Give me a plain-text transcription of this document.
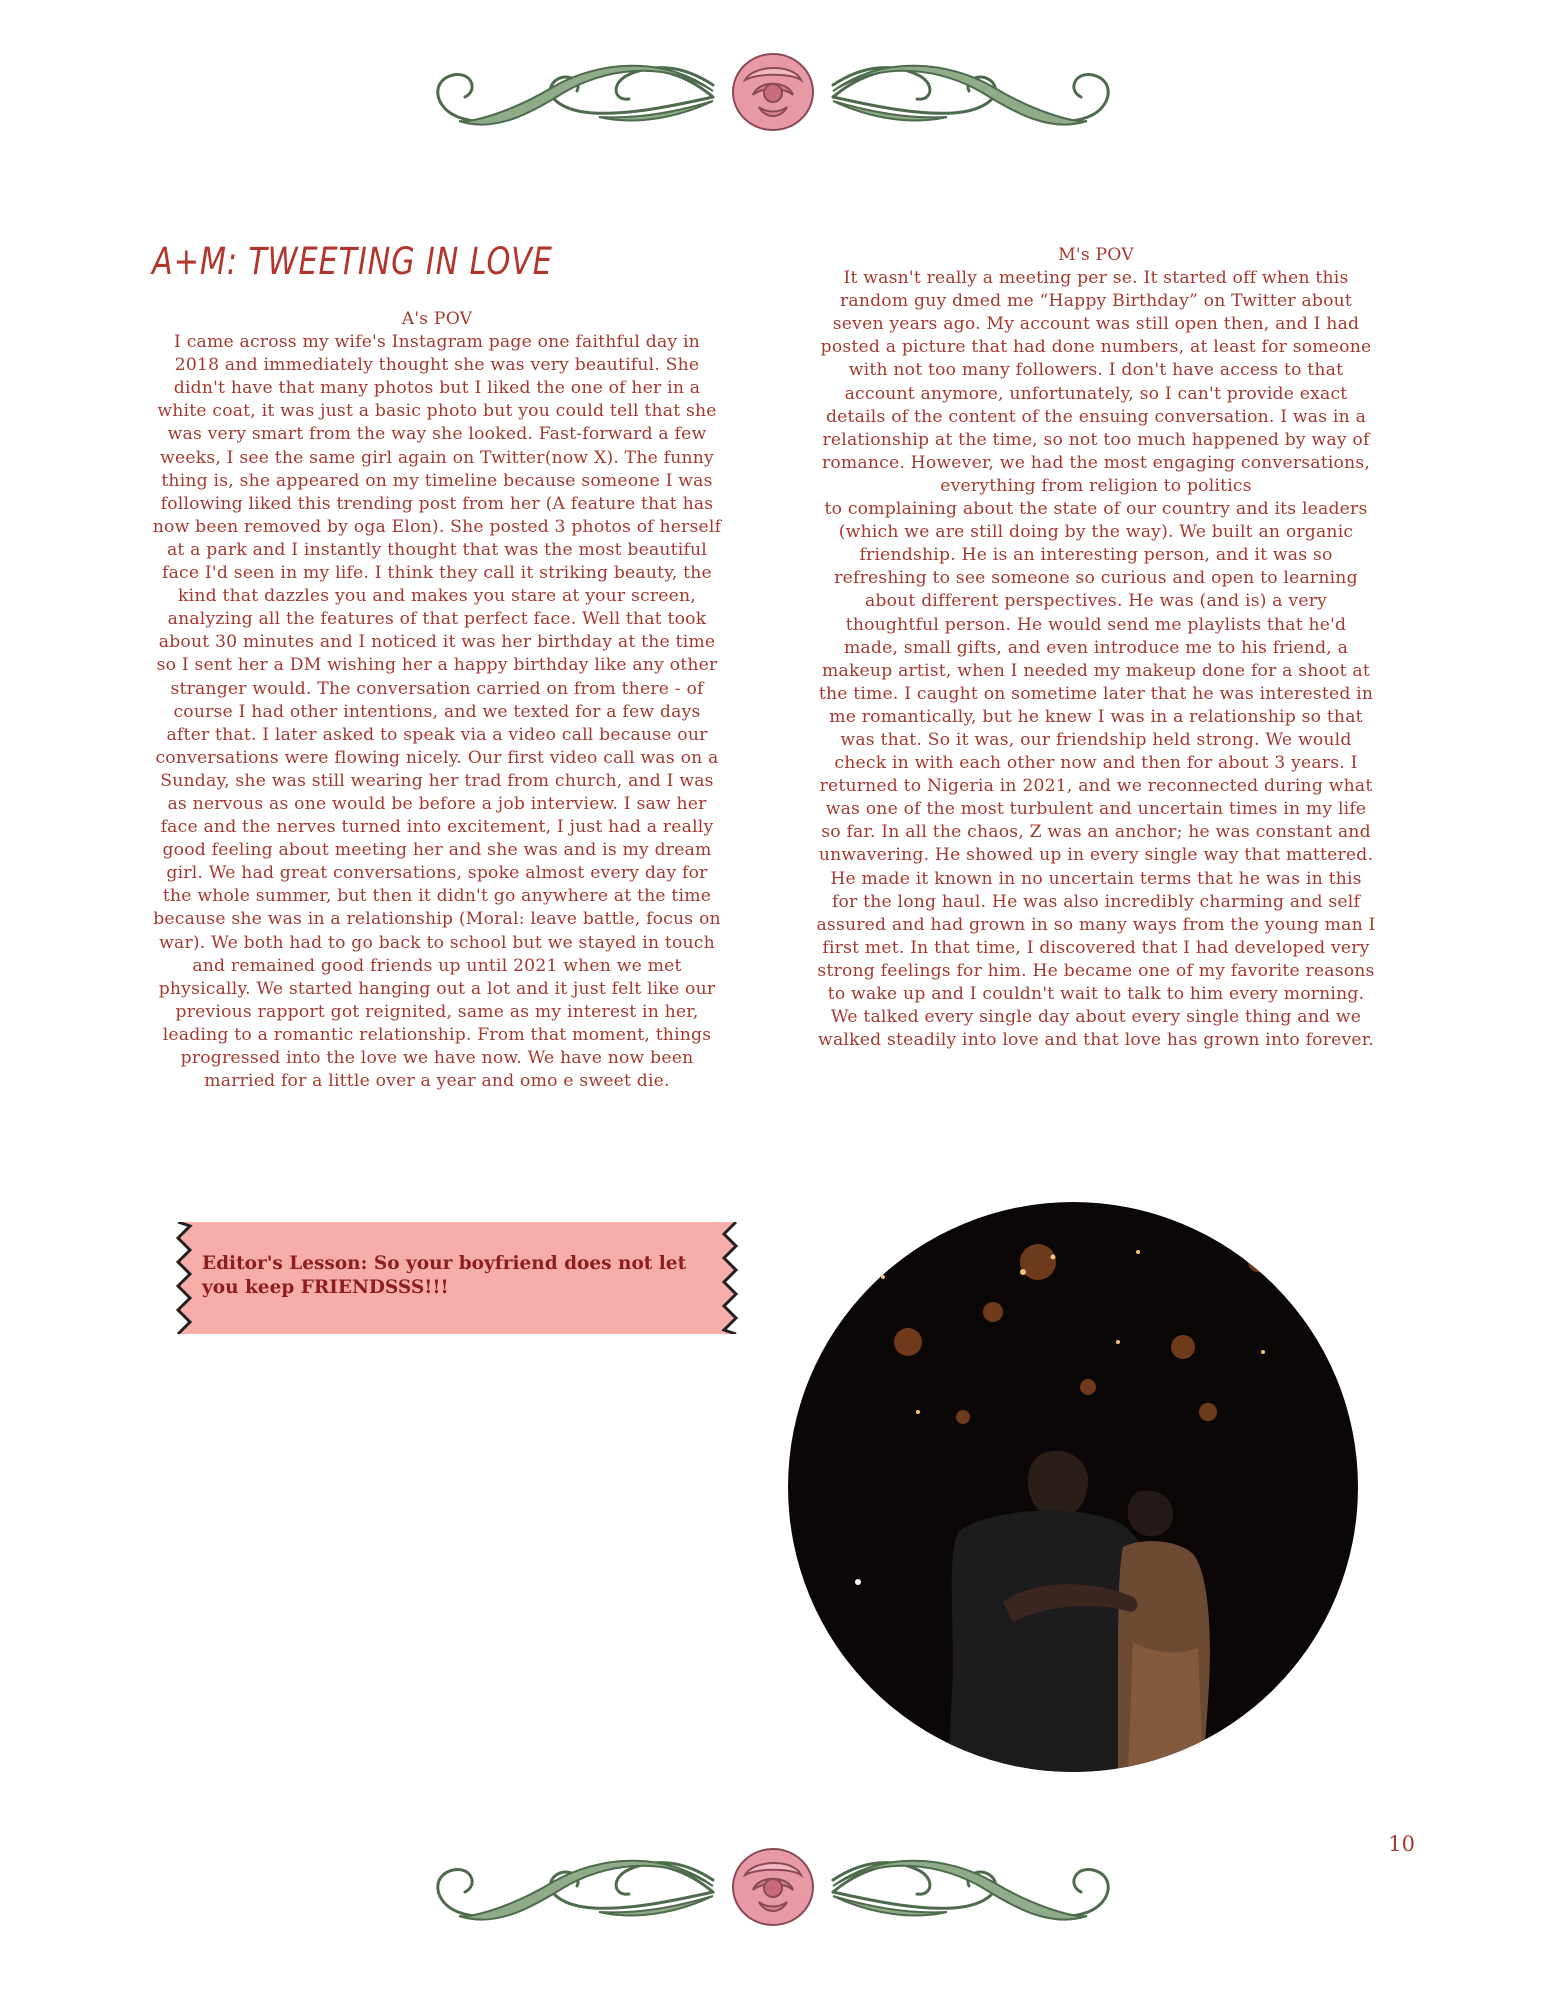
A+M: TWEETING IN LOVE

A's POV

I came across my wife's Instagram page one faithful day in 2018 and immediately thought she was very beautiful. She didn't have that many photos but I liked the one of her in a white coat, it was just a basic photo but you could tell that she was very smart from the way she looked. Fast-forward a few weeks, I see the same girl again on Twitter(now X). The funny thing is, she appeared on my timeline because someone I was following liked this trending post from her (A feature that has now been removed by oga Elon). She posted 3 photos of herself at a park and I instantly thought that was the most beautiful face I'd seen in my life. I think they call it striking beauty, the kind that dazzles you and makes you stare at your screen, analyzing all the features of that perfect face. Well that took about 30 minutes and I noticed it was her birthday at the time so I sent her a DM wishing her a happy birthday like any other stranger would. The conversation carried on from there - of course I had other intentions, and we texted for a few days after that. I later asked to speak via a video call because our conversations were flowing nicely. Our first video call was on a Sunday, she was still wearing her trad from church, and I was as nervous as one would be before a job interview. I saw her face and the nerves turned into excitement, I just had a really good feeling about meeting her and she was and is my dream girl. We had great conversations, spoke almost every day for the whole summer, but then it didn't go anywhere at the time because she was in a relationship (Moral: leave battle, focus on war). We both had to go back to school but we stayed in touch and remained good friends up until 2021 when we met physically. We started hanging out a lot and it just felt like our previous rapport got reignited, same as my interest in her, leading to a romantic relationship. From that moment, things progressed into the love we have now. We have now been married for a little over a year and omo e sweet die.

M's POV

It wasn't really a meeting per se. It started off when this random guy dmed me “Happy Birthday” on Twitter about seven years ago. My account was still open then, and I had posted a picture that had done numbers, at least for someone with not too many followers. I don't have access to that account anymore, unfortunately, so I can't provide exact details of the content of the ensuing conversation. I was in a relationship at the time, so not too much happened by way of romance. However, we had the most engaging conversations, everything from religion to politics
to complaining about the state of our country and its leaders (which we are still doing by the way). We built an organic friendship. He is an interesting person, and it was so refreshing to see someone so curious and open to learning about different perspectives. He was (and is) a very thoughtful person. He would send me playlists that he'd made, small gifts, and even introduce me to his friend, a makeup artist, when I needed my makeup done for a shoot at the time. I caught on sometime later that he was interested in me romantically, but he knew I was in a relationship so that was that. So it was, our friendship held strong. We would check in with each other now and then for about 3 years. I returned to Nigeria in 2021, and we reconnected during what was one of the most turbulent and uncertain times in my life so far. In all the chaos, Z was an anchor; he was constant and unwavering. He showed up in every single way that mattered. He made it known in no uncertain terms that he was in this for the long haul. He was also incredibly charming and self assured and had grown in so many ways from the young man I first met. In that time, I discovered that I had developed very strong feelings for him. He became one of my favorite reasons to wake up and I couldn't wait to talk to him every morning. We talked every single day about every single thing and we walked steadily into love and that love has grown into forever.

Editor's Lesson: So your boyfriend does not let you keep FRIENDSSS!!!

10
